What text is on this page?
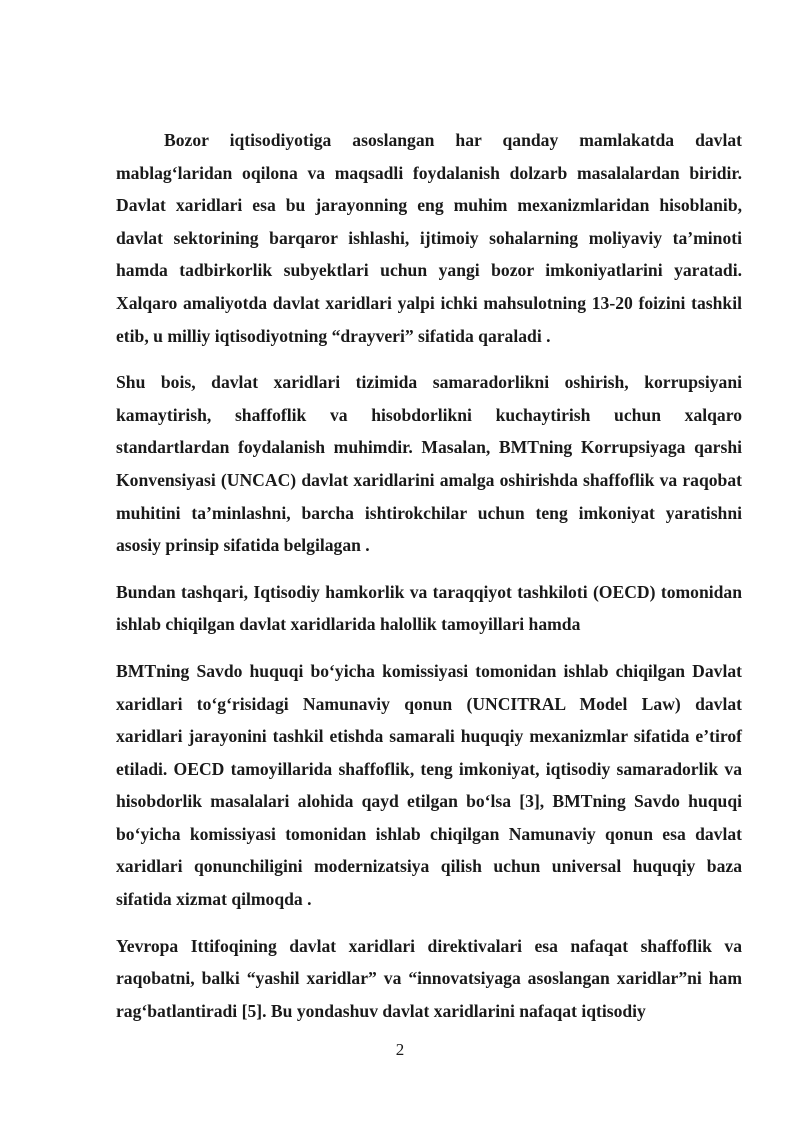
Bozor iqtisodiyotiga asoslangan har qanday mamlakatda davlat mablag‘laridan oqilona va maqsadli foydalanish dolzarb masalalardan biridir. Davlat xaridlari esa bu jarayonning eng muhim mexanizmlaridan hisoblanib, davlat sektorining barqaror ishlashi, ijtimoiy sohalarning moliyaviy ta’minoti hamda tadbirkorlik subyektlari uchun yangi bozor imkoniyatlarini yaratadi. Xalqaro amaliyotda davlat xaridlari yalpi ichki mahsulotning 13-20 foizini tashkil etib, u milliy iqtisodiyotning “drayveri” sifatida qaraladi .

Shu bois, davlat xaridlari tizimida samaradorlikni oshirish, korrupsiyani kamaytirish, shaffoflik va hisobdorlikni kuchaytirish uchun xalqaro standartlardan foydalanish muhimdir. Masalan, BMTning Korrupsiyaga qarshi Konvensiyasi (UNCAC) davlat xaridlarini amalga oshirishda shaffoflik va raqobat muhitini ta’minlashni, barcha ishtirokchilar uchun teng imkoniyat yaratishni asosiy prinsip sifatida belgilagan .

Bundan tashqari, Iqtisodiy hamkorlik va taraqqiyot tashkiloti (OECD) tomonidan ishlab chiqilgan davlat xaridlarida halollik tamoyillari hamda

BMTning Savdo huquqi bo‘yicha komissiyasi tomonidan ishlab chiqilgan Davlat xaridlari to‘g‘risidagi Namunaviy qonun (UNCITRAL Model Law) davlat xaridlari jarayonini tashkil etishda samarali huquqiy mexanizmlar sifatida e’tirof etiladi. OECD tamoyillarida shaffoflik, teng imkoniyat, iqtisodiy samaradorlik va hisobdorlik masalalari alohida qayd etilgan bo‘lsa [3], BMTning Savdo huquqi bo‘yicha komissiyasi tomonidan ishlab chiqilgan Namunaviy qonun esa davlat xaridlari qonunchiligini modernizatsiya qilish uchun universal huquqiy baza sifatida xizmat qilmoqda .

Yevropa Ittifoqining davlat xaridlari direktivalari esa nafaqat shaffoflik va raqobatni, balki “yashil xaridlar” va “innovatsiyaga asoslangan xaridlar”ni ham rag‘batlantiradi [5]. Bu yondashuv davlat xaridlarini nafaqat iqtisodiy

2
